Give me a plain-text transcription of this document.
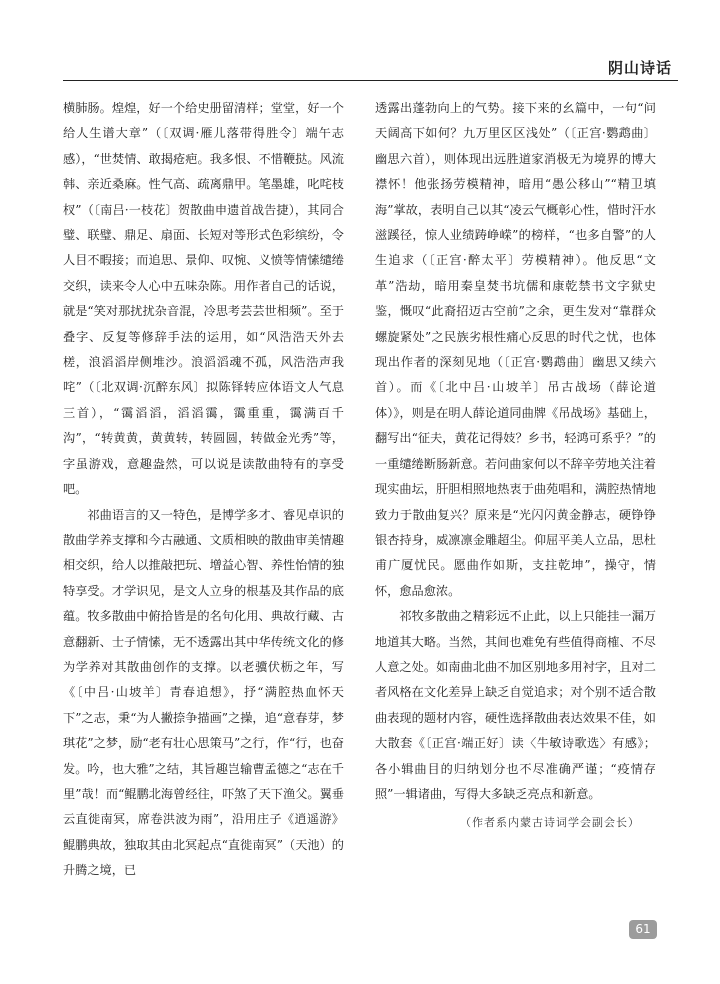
阴山诗话

横肺肠。煌煌，好一个给史册留清样；堂堂，好一个给人生谱大章”（〔双调·雁儿落带得胜令〕端午志感），“世焚情、敢揭疮疤。我多恨、不惜鞭挞。风流韩、亲近桑麻。性气高、疏离鼎甲。笔墨雄，叱咤枝杈”（〔南吕·一枝花〕贺散曲申遗首战告捷），其同合璧、联璧、鼎足、扇面、长短对等形式色彩缤纷，令人目不暇接；而追思、景仰、叹惋、义愤等情愫缱绻交织，读来令人心中五味杂陈。用作者自己的话说，就是“笑对那扰扰杂音混，冷思考芸芸世相频”。至于叠字、反复等修辞手法的运用，如“风浩浩天外去槎，浪滔滔岸侧堆沙。浪滔滔魂不孤，风浩浩声我咤”（〔北双调·沉醉东风〕拟陈铎转应体语文人气息三首），“霭滔滔，滔滔霭，霭重重，霭满百千沟”，“转黄黄，黄黄转，转圆圆，转做金光秀”等，字虽游戏，意趣盎然，可以说是读散曲特有的享受吧。

祁曲语言的又一特色，是博学多才、睿见卓识的散曲学养支撑和今古融通、文质相映的散曲审美情趣相交织，给人以推敲把玩、增益心智、养性怡情的独特享受。才学识见，是文人立身的根基及其作品的底蕴。牧多散曲中俯拾皆是的名句化用、典故行藏、古意翻新、士子情愫，无不透露出其中华传统文化的修为学养对其散曲创作的支撑。以老骥伏枥之年，写《〔中吕·山坡羊〕青春追想》，抒“满腔热血怀天下”之志，秉“为人撇捺争描画”之操，追“意春芽，梦琪花”之梦，励“老有壮心思策马”之行，作“行，也奋发。吟，也大雅”之结，其旨趣岂输曹孟德之“志在千里”哉！而“鲲鹏北海曾经往，吓煞了天下渔父。翼垂云直徙南冥，席卷洪波为雨”，沿用庄子《逍遥游》鲲鹏典故，独取其由北冥起点“直徙南冥”（天池）的升腾之境，已

透露出蓬勃向上的气势。接下来的幺篇中，一句“问天阔高下如何？九万里区区浅处”（〔正宫·鹦鹉曲〕幽思六首），则体现出远胜道家消极无为境界的博大襟怀！他张扬劳模精神，暗用“愚公移山”“精卫填海”掌故，表明自己以其“凌云气概彰心性，惜时汗水滋蹊径，惊人业绩踌峥嵘”的榜样，“也多自警”的人生追求（〔正宫·醉太平〕劳模精神）。他反思“文革”浩劫，暗用秦皇焚书坑儒和康乾禁书文字狱史鉴，慨叹“此裔招迈古空前”之余，更生发对“靠群众螺旋紧处”之民族劣根性痛心反思的时代之忧，也体现出作者的深刻见地（〔正宫·鹦鹉曲〕幽思又续六首）。而《〔北中吕·山坡羊〕吊古战场（薛论道体）》，则是在明人薛论道同曲牌《吊战场》基础上，翻写出“征夫，黄花记得妓？乡书，轻鸿可系乎？”的一重缱绻断肠新意。若问曲家何以不辞辛劳地关注着现实曲坛，肝胆相照地热衷于曲苑唱和，满腔热情地致力于散曲复兴？原来是“光闪闪黄金静志，硬铮铮银杏持身，威凛凛金雕超尘。仰屈平美人立品，思杜甫广厦忧民。愿曲作如斯，支拄乾坤”，操守，情怀，愈品愈浓。

祁牧多散曲之精彩远不止此，以上只能挂一漏万地道其大略。当然，其间也难免有些值得商榷、不尽人意之处。如南曲北曲不加区别地多用衬字，且对二者风格在文化差异上缺乏自觉追求；对个别不适合散曲表现的题材内容，硬性选择散曲表达效果不佳，如大散套《〔正宫·端正好〕读〈牛敏诗歌选〉有感》；各小辑曲目的归纳划分也不尽准确严谨；“疫情存照”一辑诸曲，写得大多缺乏亮点和新意。

（作者系内蒙古诗词学会副会长）
61
